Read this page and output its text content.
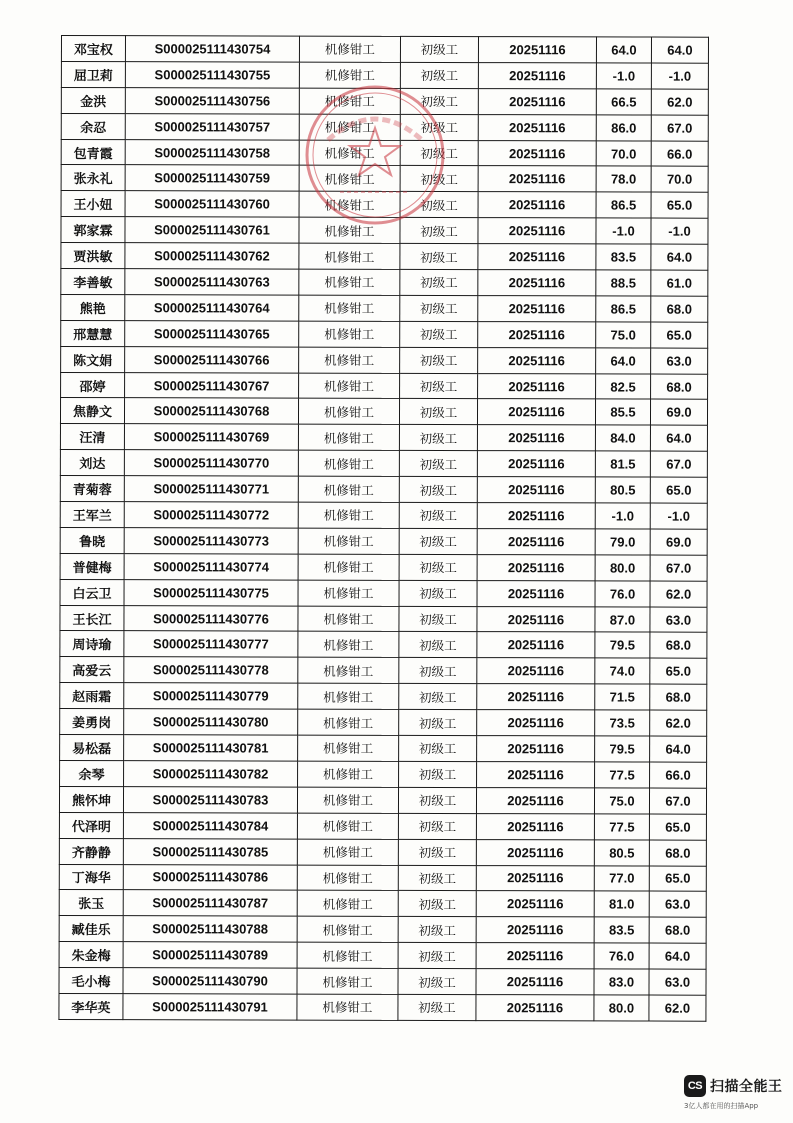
邓宝权	S000025111430754	机修钳工	初级工	20251116	64.0	64.0
屈卫莉	S000025111430755	机修钳工	初级工	20251116	-1.0	-1.0
金洪	S000025111430756	机修钳工	初级工	20251116	66.5	62.0
余忍	S000025111430757	机修钳工	初级工	20251116	86.0	67.0
包青霞	S000025111430758	机修钳工	初级工	20251116	70.0	66.0
张永礼	S000025111430759	机修钳工	初级工	20251116	78.0	70.0
王小妞	S000025111430760	机修钳工	初级工	20251116	86.5	65.0
郭家霖	S000025111430761	机修钳工	初级工	20251116	-1.0	-1.0
贾洪敏	S000025111430762	机修钳工	初级工	20251116	83.5	64.0
李善敏	S000025111430763	机修钳工	初级工	20251116	88.5	61.0
熊艳	S000025111430764	机修钳工	初级工	20251116	86.5	68.0
邢慧慧	S000025111430765	机修钳工	初级工	20251116	75.0	65.0
陈文娟	S000025111430766	机修钳工	初级工	20251116	64.0	63.0
邵婷	S000025111430767	机修钳工	初级工	20251116	82.5	68.0
焦静文	S000025111430768	机修钳工	初级工	20251116	85.5	69.0
汪清	S000025111430769	机修钳工	初级工	20251116	84.0	64.0
刘达	S000025111430770	机修钳工	初级工	20251116	81.5	67.0
青菊蓉	S000025111430771	机修钳工	初级工	20251116	80.5	65.0
王军兰	S000025111430772	机修钳工	初级工	20251116	-1.0	-1.0
鲁晓	S000025111430773	机修钳工	初级工	20251116	79.0	69.0
普健梅	S000025111430774	机修钳工	初级工	20251116	80.0	67.0
白云卫	S000025111430775	机修钳工	初级工	20251116	76.0	62.0
王长江	S000025111430776	机修钳工	初级工	20251116	87.0	63.0
周诗瑜	S000025111430777	机修钳工	初级工	20251116	79.5	68.0
高爱云	S000025111430778	机修钳工	初级工	20251116	74.0	65.0
赵雨霜	S000025111430779	机修钳工	初级工	20251116	71.5	68.0
姜勇岗	S000025111430780	机修钳工	初级工	20251116	73.5	62.0
易松磊	S000025111430781	机修钳工	初级工	20251116	79.5	64.0
余琴	S000025111430782	机修钳工	初级工	20251116	77.5	66.0
熊怀坤	S000025111430783	机修钳工	初级工	20251116	75.0	67.0
代泽明	S000025111430784	机修钳工	初级工	20251116	77.5	65.0
齐静静	S000025111430785	机修钳工	初级工	20251116	80.5	68.0
丁海华	S000025111430786	机修钳工	初级工	20251116	77.0	65.0
张玉	S000025111430787	机修钳工	初级工	20251116	81.0	63.0
臧佳乐	S000025111430788	机修钳工	初级工	20251116	83.5	68.0
朱金梅	S000025111430789	机修钳工	初级工	20251116	76.0	64.0
毛小梅	S000025111430790	机修钳工	初级工	20251116	83.0	63.0
李华英	S000025111430791	机修钳工	初级工	20251116	80.0	62.0
CS 扫描全能王
3亿人都在用的扫描App
